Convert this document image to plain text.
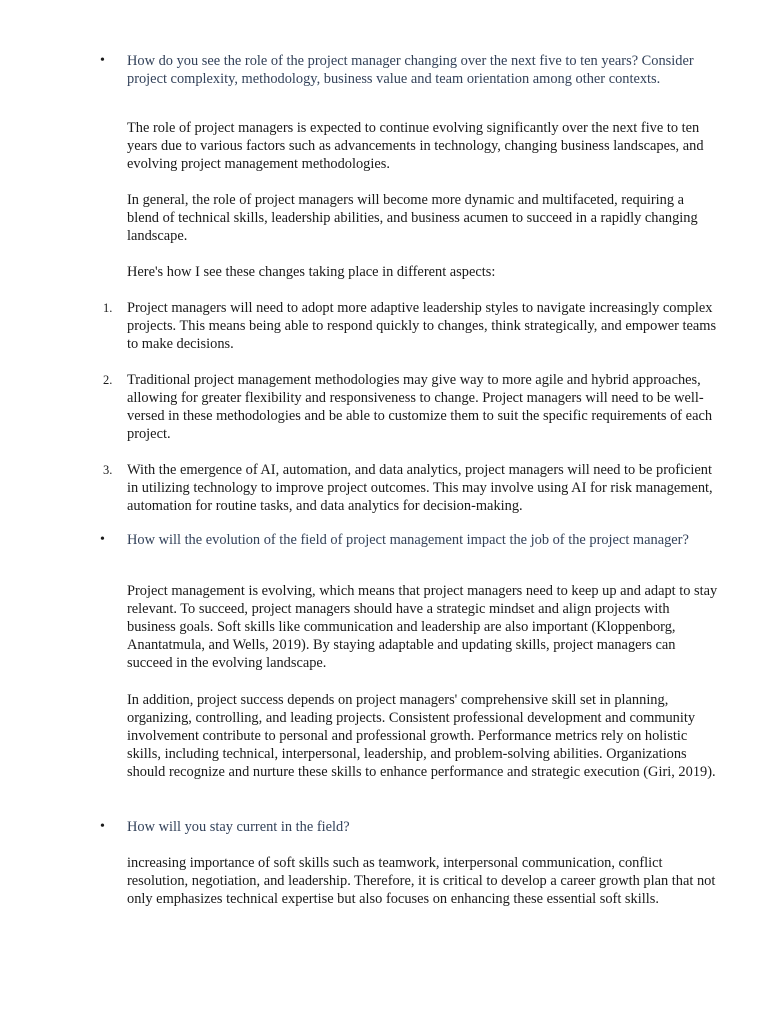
•	How do you see the role of the project manager changing over the next five to ten years? Consider project complexity, methodology, business value and team orientation among other contexts.

The role of project managers is expected to continue evolving significantly over the next five to ten years due to various factors such as advancements in technology, changing business landscapes, and evolving project management methodologies.

In general, the role of project managers will become more dynamic and multifaceted, requiring a blend of technical skills, leadership abilities, and business acumen to succeed in a rapidly changing landscape.

Here's how I see these changes taking place in different aspects:

1.	Project managers will need to adopt more adaptive leadership styles to navigate increasingly complex projects. This means being able to respond quickly to changes, think strategically, and empower teams to make decisions.

2.	Traditional project management methodologies may give way to more agile and hybrid approaches, allowing for greater flexibility and responsiveness to change. Project managers will need to be well-versed in these methodologies and be able to customize them to suit the specific requirements of each project.

3.	With the emergence of AI, automation, and data analytics, project managers will need to be proficient in utilizing technology to improve project outcomes. This may involve using AI for risk management, automation for routine tasks, and data analytics for decision-making.

•	How will the evolution of the field of project management impact the job of the project manager?

Project management is evolving, which means that project managers need to keep up and adapt to stay relevant. To succeed, project managers should have a strategic mindset and align projects with business goals. Soft skills like communication and leadership are also important (Kloppenborg, Anantatmula, and Wells, 2019). By staying adaptable and updating skills, project managers can succeed in the evolving landscape.

In addition, project success depends on project managers' comprehensive skill set in planning, organizing, controlling, and leading projects. Consistent professional development and community involvement contribute to personal and professional growth. Performance metrics rely on holistic skills, including technical, interpersonal, leadership, and problem-solving abilities. Organizations should recognize and nurture these skills to enhance performance and strategic execution (Giri, 2019).

•	How will you stay current in the field?

increasing importance of soft skills such as teamwork, interpersonal communication, conflict resolution, negotiation, and leadership. Therefore, it is critical to develop a career growth plan that not only emphasizes technical expertise but also focuses on enhancing these essential soft skills.
